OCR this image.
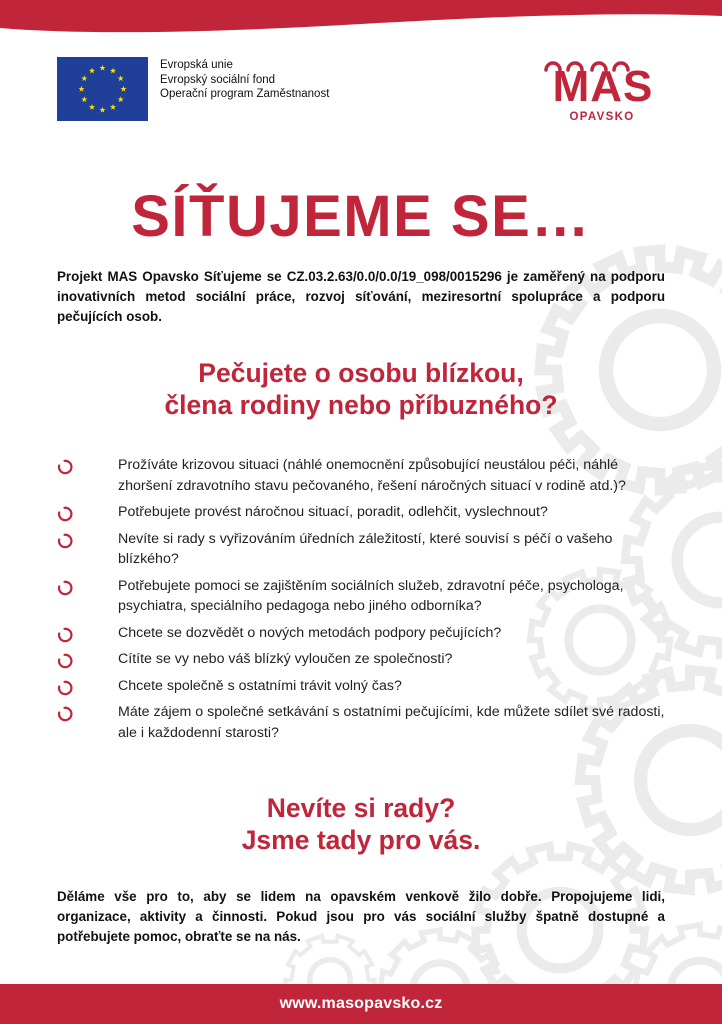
Evropská unie
Evropský sociální fond
Operační program Zaměstnanost	MAS
OPAVSKO
SÍŤUJEME SE…
Projekt MAS Opavsko Síťujeme se CZ.03.2.63/0.0/0.0/19_098/0015296 je zaměřený na podporu inovativních metod sociální práce, rozvoj síťování, meziresortní spolupráce a podporu pečujících osob.
Pečujete o osobu blízkou,
člena rodiny nebo příbuzného?
Prožíváte krizovou situaci (náhlé onemocnění způsobující neustálou péči, náhlé zhoršení zdravotního stavu pečovaného, řešení náročných situací v rodině atd.)?
Potřebujete provést náročnou situací, poradit, odlehčit, vyslechnout?
Nevíte si rady s vyřizováním úředních záležitostí, které souvisí s péčí o vašeho blízkého?
Potřebujete pomoci se zajištěním sociálních služeb, zdravotní péče, psychologa, psychiatra, speciálního pedagoga nebo jiného odborníka?
Chcete se dozvědět o nových metodách podpory pečujících?
Cítíte se vy nebo váš blízký vyloučen ze společnosti?
Chcete společně s ostatními trávit volný čas?
Máte zájem o společné setkávání s ostatními pečujícími, kde můžete sdílet své radosti, ale i každodenní starosti?
Nevíte si rady?
Jsme tady pro vás.
Děláme vše pro to, aby se lidem na opavském venkově žilo dobře. Propojujeme lidi, organizace, aktivity a činnosti. Pokud jsou pro vás sociální služby špatně dostupné a potřebujete pomoc, obraťte se na nás.
www.masopavsko.cz
